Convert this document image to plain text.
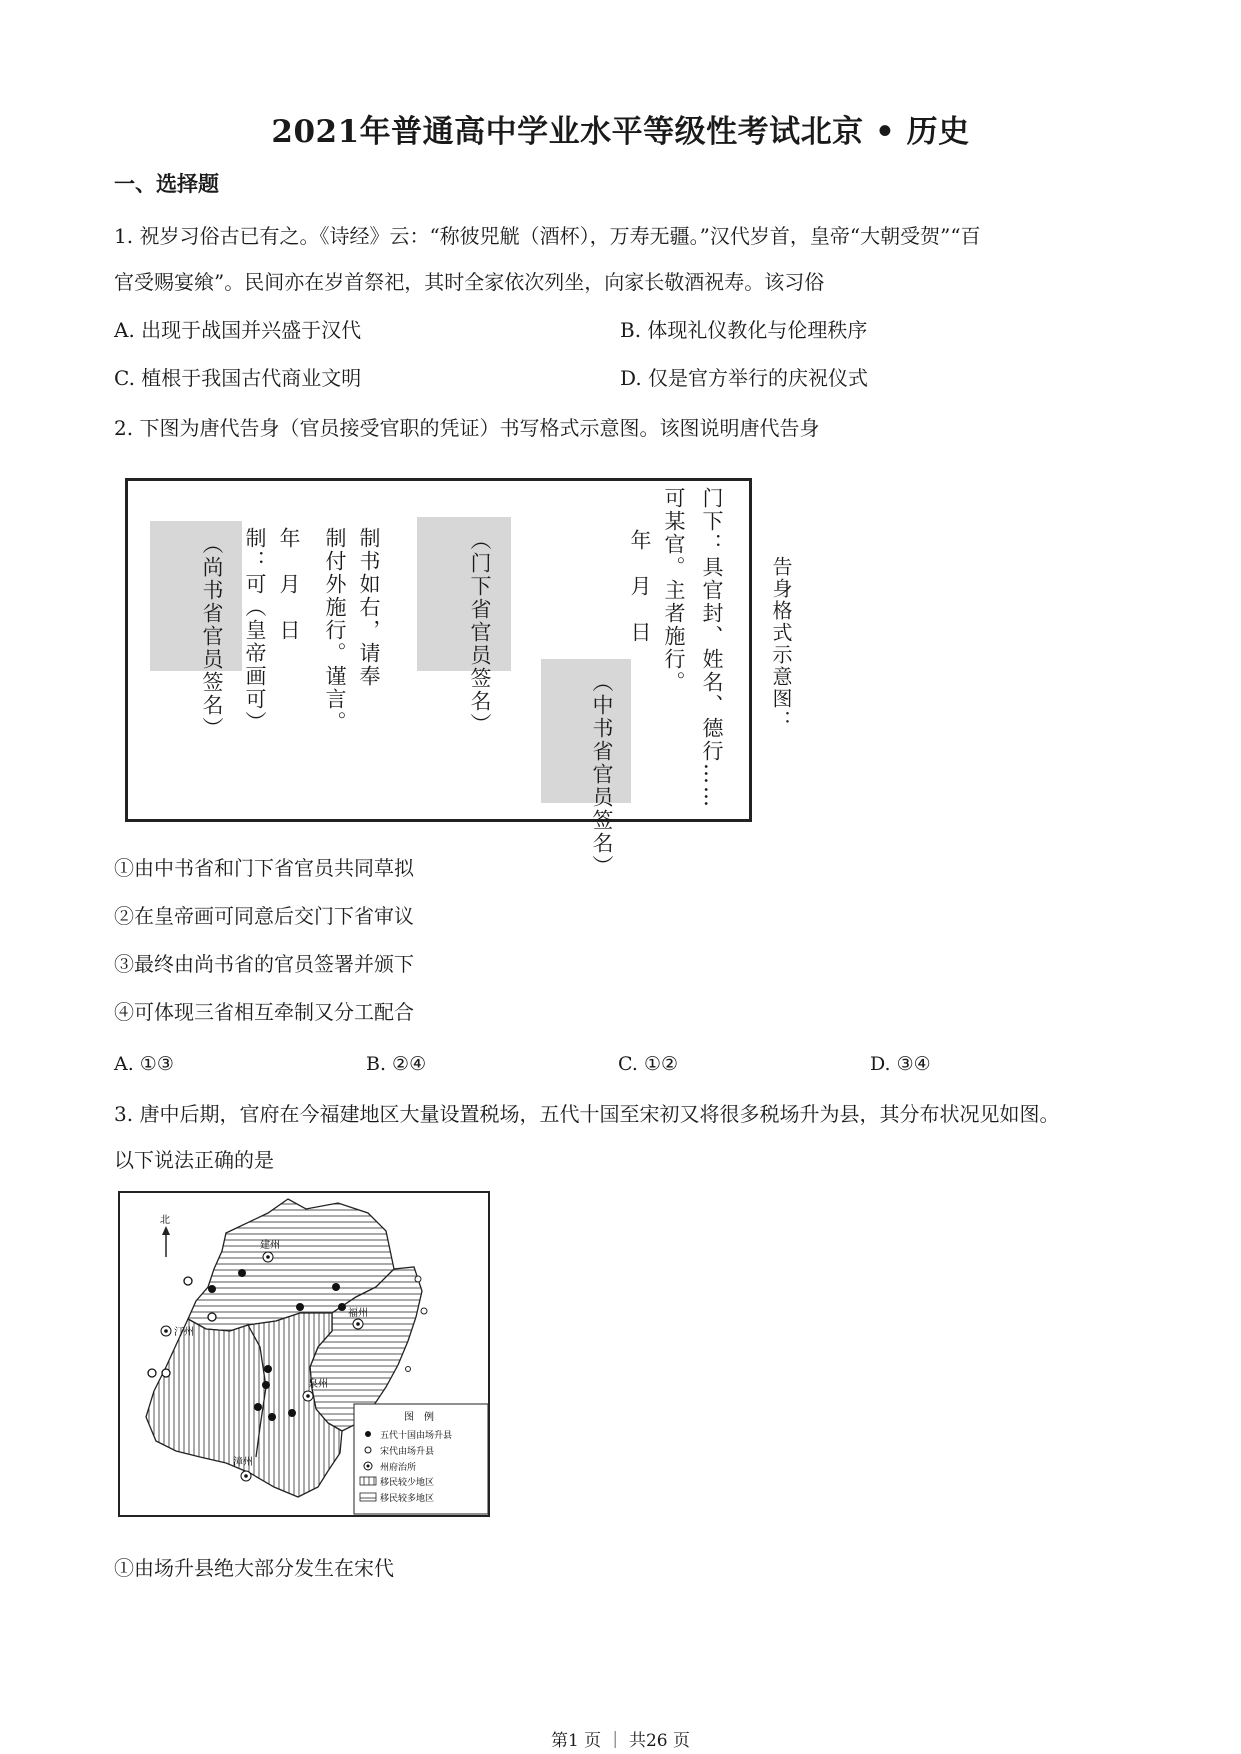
2021年普通高中学业水平等级性考试北京 • 历史
一、选择题
1. 祝岁习俗古已有之。《诗经》云：“称彼兕觥（酒杯），万寿无疆。”汉代岁首，皇帝“大朝受贺”“百
官受赐宴飨”。民间亦在岁首祭祀，其时全家依次列坐，向家长敬酒祝寿。该习俗
A. 出现于战国并兴盛于汉代	B. 体现礼仪教化与伦理秩序
C. 植根于我国古代商业文明	D. 仅是官方举行的庆祝仪式
2. 下图为唐代告身（官员接受官职的凭证）书写格式示意图。该图说明唐代告身
门下：具官封、姓名、德行……
可某官。主者施行。
年　月　日
（中书省官员签名）
（门下省官员签名）
制书如右，请奉
制付外施行。谨言。
年　月　日
制：可（皇帝画可）
（尚书省官员签名）	告身格式示意图：
①由中书省和门下省官员共同草拟
②在皇帝画可同意后交门下省审议
③最终由尚书省的官员签署并颁下
④可体现三省相互牵制又分工配合
A. ①③	B. ②④	C. ①②	D. ③④
3. 唐中后期，官府在今福建地区大量设置税场，五代十国至宋初又将很多税场升为县，其分布状况见如图。
以下说法正确的是
北
建州
福州
汀州
泉州
漳州
图　例
五代十国由场升县
宋代由场升县
州府治所
移民较少地区
移民较多地区
①由场升县绝大部分发生在宋代
第1 页 ｜ 共26 页
